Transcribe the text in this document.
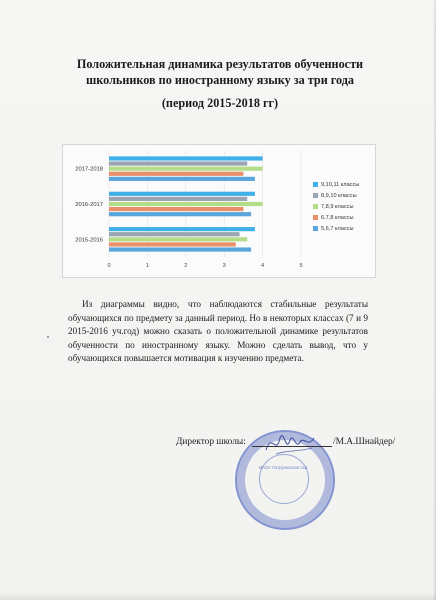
Положительная динамика результатов обученности
школьников по иностранному языку за три года
(период 2015-2018 гг)
0	1	2	3	4	5
2015-2016
2016-2017
2017-2018
9,10,11 классы
8,9,10 классы
7,8,9 классы
6,7,8 классы
5,6,7 классы
Из диаграммы видно, что наблюдаются стабильные результаты обучающихся по предмету за данный период. Но в некоторых классах (7 и 9 2015-2016 уч.год) можно сказать о положительной динамике результатов обученности по иностранному языку. Можно сделать вывод, что у обучающихся повышается мотивация к изучению предмета.
МАОУ Патруновская СШ
Директор школы:	/М.А.Шнайдер/
